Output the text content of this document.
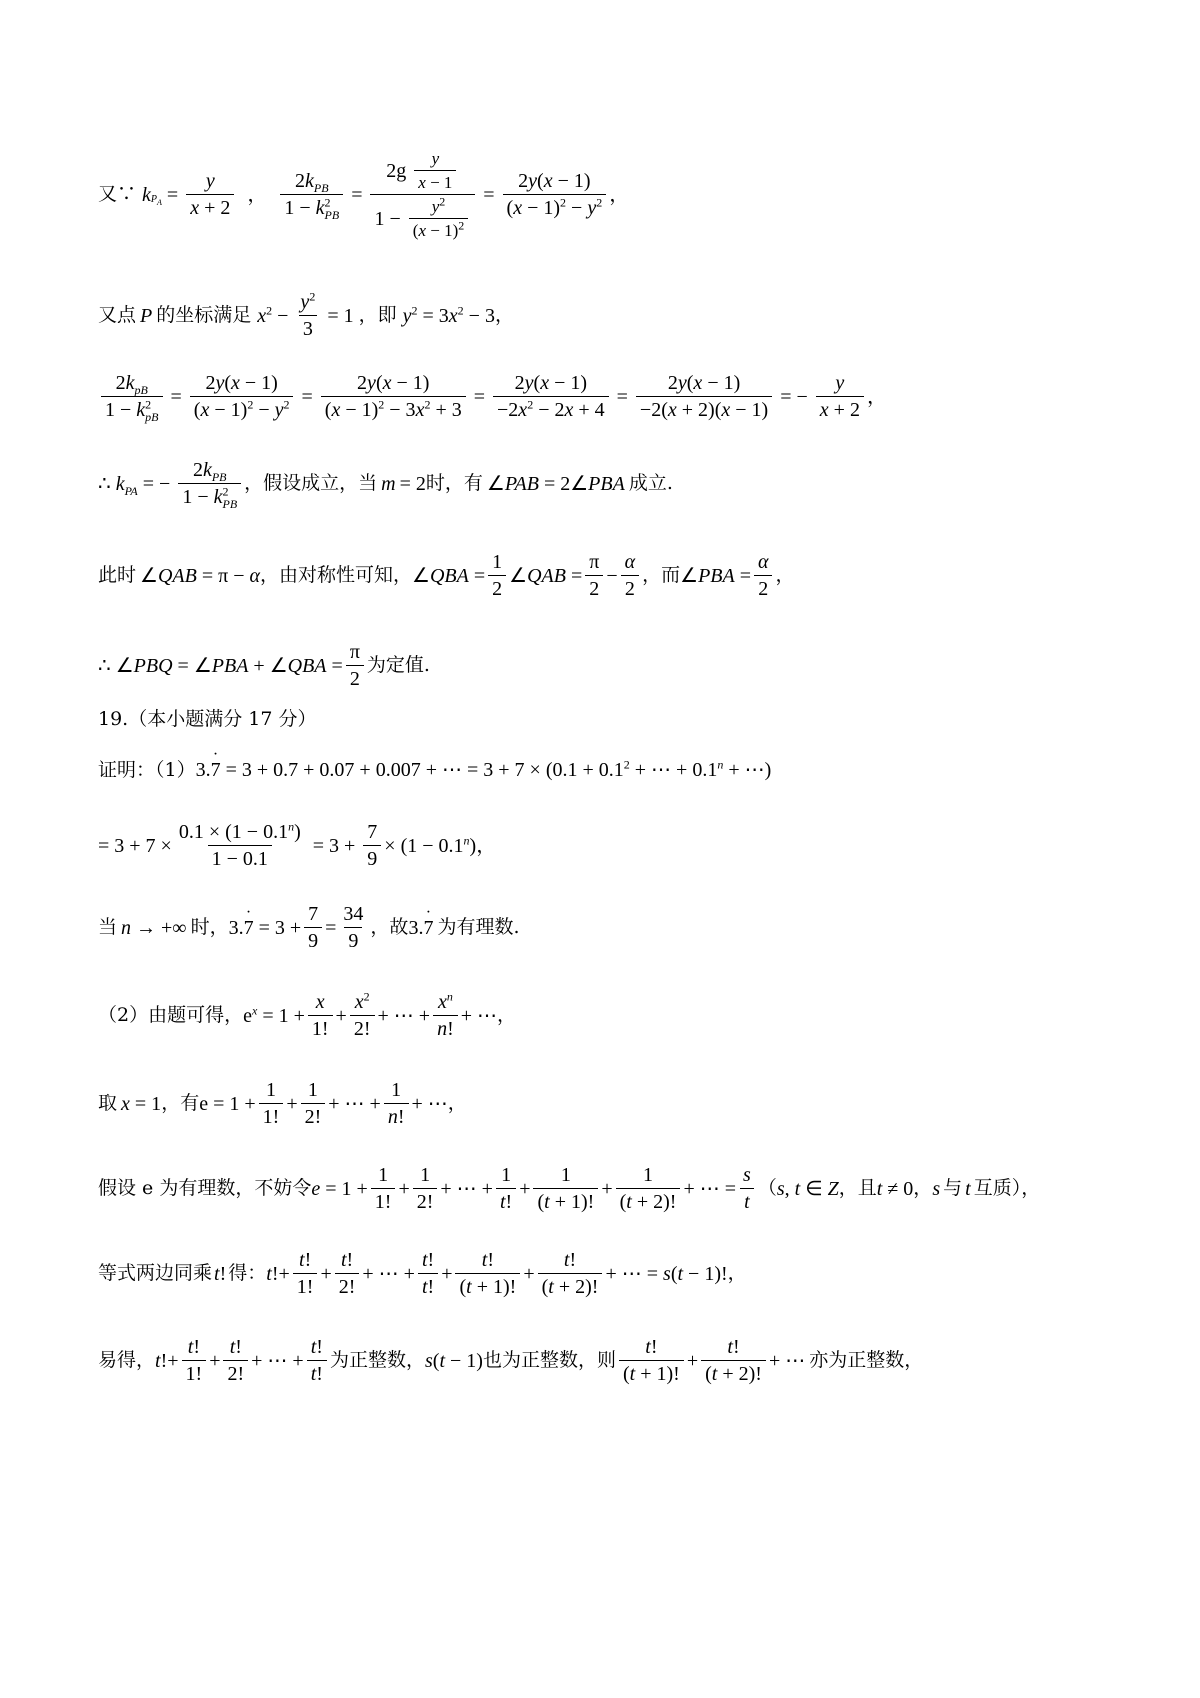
又∵ $k_{P_A} = \frac{y}{x + 2}$ ， $\frac{2k_{PB}}{1 - k^2_{PB}} = \frac{2g \frac{y}{x - 1}}{1 - \frac{y^2}{(x - 1)^2}} = \frac{2y(x - 1)}{(x - 1)^2 - y^2}$ ，
又点 P 的坐标满足 $x^2 - \frac{y^2}{3} = 1$ ，即 $y^2 = 3x^2 - 3$ ，
$\frac{2k_{pB}}{1 - k^2_{pB}} = \frac{2y(x - 1)}{(x - 1)^2 - y^2} = \frac{2y(x - 1)}{(x - 1)^2 - 3x^2 + 3} = \frac{2y(x - 1)}{-2x^2 - 2x + 4} = \frac{2y(x - 1)}{-2(x + 2)(x - 1)}$ = − $\frac{y}{x + 2}$ ，
∴ $k_{PA}$ = − $\frac{2k_{PB}}{1 - k^2_{PB}}$ ，假设成立，当 m = 2 时，有 ∠PAB = 2∠PBA 成立.
此时 ∠QAB = π − α ，由对称性可知， ∠QBA = $\frac{1}{2}$ ∠QAB = $\frac{\pi}{2} - \frac{\alpha}{2}$ ，而 ∠PBA = $\frac{\alpha}{2}$ ，
∴ ∠PBQ = ∠PBA + ∠QBA = $\frac{\pi}{2}$ 为定值.
19.（本小题满分 17 分）
证明：（1） 3.· 7 = 3 + 0.7 + 0.07 + 0.007 + ⋯ = $3 + 7 \times (0.1 + 0.1^2$ + ⋯ + $0.1^n$ + ⋯)
= $3 + 7 \times \frac{0.1 \times (1 - 0.1^n)}{1 - 0.1} = 3 + \frac{7}{9} \times (1 - 0.1^n)$ ，
当 n → +∞ 时， $3.\cdot 7 = 3 + \frac{7}{9} = \frac{34}{9}$ ，故 3.· 7 为有理数.
（2）由题可得， $e^x = 1 + \frac{x}{1!} + \frac{x^2}{2!}$ + ⋯ + $\frac{x^n}{n!}$ + ⋯ ，
取 x = 1 ，有 $e = 1 + \frac{1}{1!} + \frac{1}{2!}$ + ⋯ + $\frac{1}{n!}$ + ⋯ ，
假设 e 为有理数，不妨令 $e = 1 + \frac{1}{1!} + \frac{1}{2!}$ + ⋯ + $\frac{1}{t!} + \frac{1}{(t + 1)!} + \frac{1}{(t + 2)!}$ + ⋯ = $\frac{s}{t}$ （ s, t ∈ Z ，且 t ≠ 0 ， s 与 t 互质），
等式两边同乘 t! 得： $t!+ \frac{t!}{1!} + \frac{t!}{2!}$ + ⋯ + $\frac{t!}{t!} + \frac{t!}{(t + 1)!} + \frac{t!}{(t + 2)!}$ + ⋯ = s(t − 1)! ，
易得， $t!+ \frac{t!}{1!} + \frac{t!}{2!}$ + ⋯ + $\frac{t!}{t!}$ 为正整数， s(t − 1) 也为正整数，则 $\frac{t!}{(t + 1)!} + \frac{t!}{(t + 2)!}$ + ⋯ 亦为正整数，
